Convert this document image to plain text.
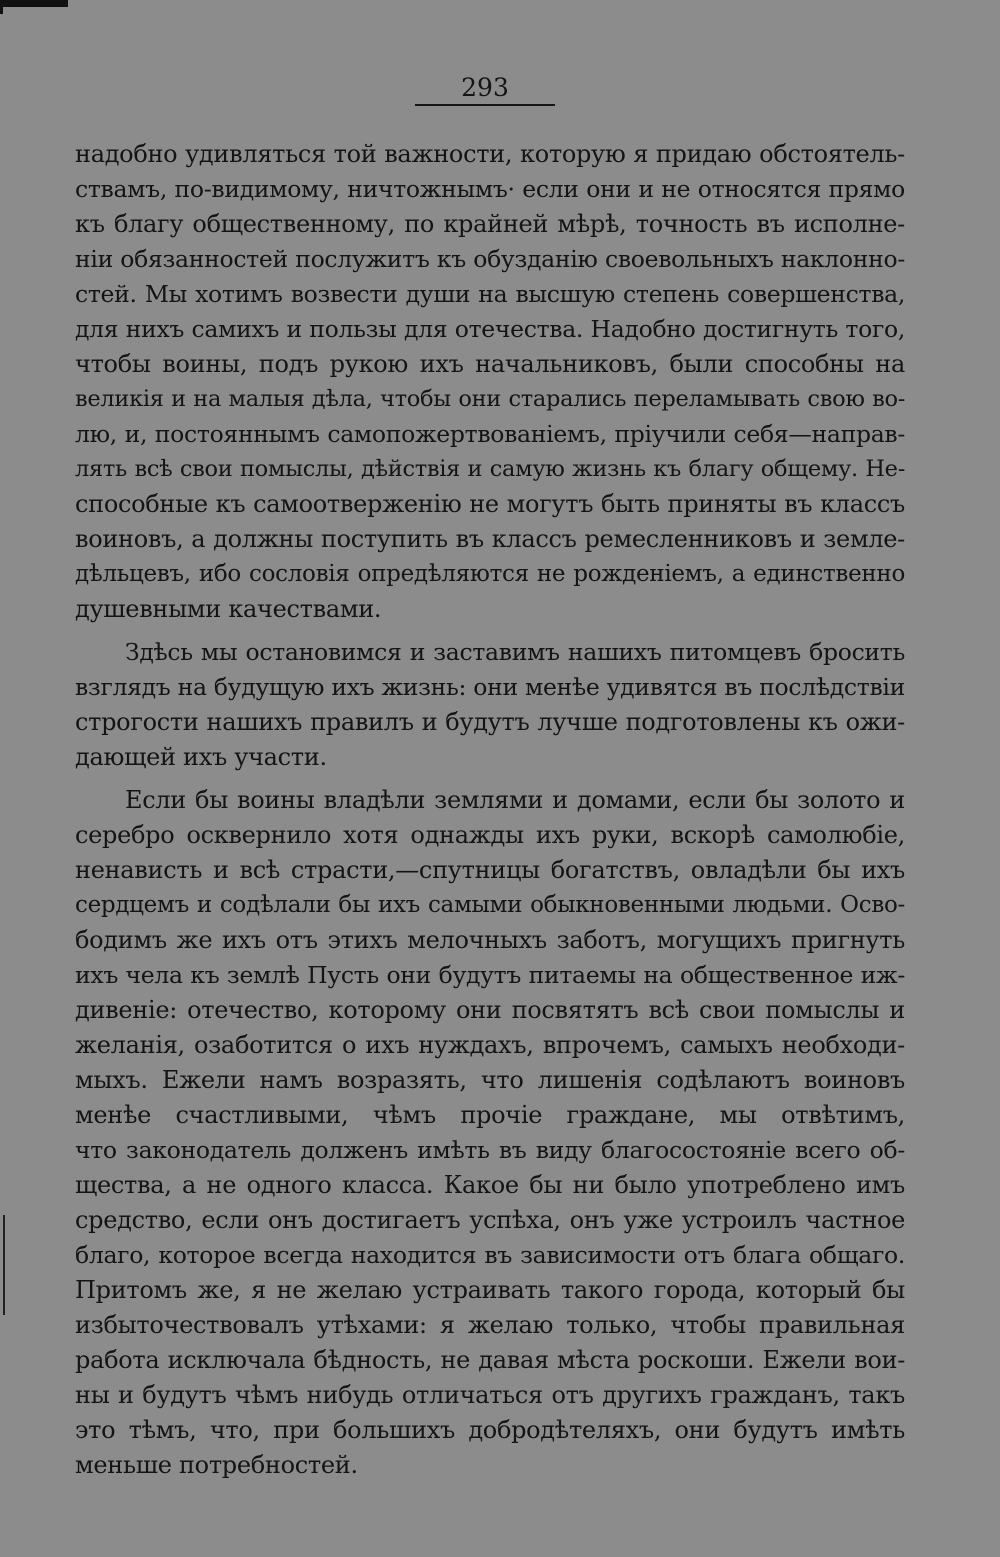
293
надобно удивляться той важности, которую я придаю обстоятель-
ствамъ, по-видимому, ничтожнымъ· если они и не относятся прямо
къ благу общественному, по крайней мѣрѣ, точность въ исполне-
ніи обязанностей послужитъ къ обузданію своевольныхъ наклонно-
стей. Мы хотимъ возвести души на высшую степень совершенства,
для нихъ самихъ и пользы для отечества. Надобно достигнуть того,
чтобы воины, подъ рукою ихъ начальниковъ, были способны на
великія и на малыя дѣла, чтобы они старались переламывать свою во-
лю, и, постояннымъ самопожертвованіемъ, пріучили себя—направ-
лять всѣ свои помыслы, дѣйствія и самую жизнь къ благу общему. Не-
способные къ самоотверженію не могутъ быть приняты въ классъ
воиновъ, а должны поступить въ классъ ремесленниковъ и земле-
дѣльцевъ, ибо сословія опредѣляются не рожденіемъ, а единственно
душевными качествами.
Здѣсь мы остановимся и заставимъ нашихъ питомцевъ бросить
взглядъ на будущую ихъ жизнь: они менѣе удивятся въ послѣдствіи
строгости нашихъ правилъ и будутъ лучше подготовлены къ ожи-
дающей ихъ участи.
Если бы воины владѣли землями и домами, если бы золото и
серебро осквернило хотя однажды ихъ руки, вскорѣ самолюбіе,
ненависть и всѣ страсти,—спутницы богатствъ, овладѣли бы ихъ
сердцемъ и содѣлали бы ихъ самыми обыкновенными людьми. Осво-
бодимъ же ихъ отъ этихъ мелочныхъ заботъ, могущихъ пригнуть
ихъ чела къ землѣ Пусть они будутъ питаемы на общественное иж-
дивеніе: отечество, которому они посвятятъ всѣ свои помыслы и
желанія, озаботится о ихъ нуждахъ, впрочемъ, самыхъ необходи-
мыхъ. Ежели намъ возразять, что лишенія содѣлаютъ воиновъ
менѣе счастливыми, чѣмъ прочіе граждане, мы отвѣтимъ,
что законодатель долженъ имѣть въ виду благосостояніе всего об-
щества, а не одного класса. Какое бы ни было употреблено имъ
средство, если онъ достигаетъ успѣха, онъ уже устроилъ частное
благо, которое всегда находится въ зависимости отъ блага общаго.
Притомъ же, я не желаю устраивать такого города, который бы
избыточествовалъ утѣхами: я желаю только, чтобы правильная
работа исключала бѣдность, не давая мѣста роскоши. Ежели вои-
ны и будутъ чѣмъ нибудь отличаться отъ другихъ гражданъ, такъ
это тѣмъ, что, при большихъ добродѣтеляхъ, они будутъ имѣть
меньше потребностей.
